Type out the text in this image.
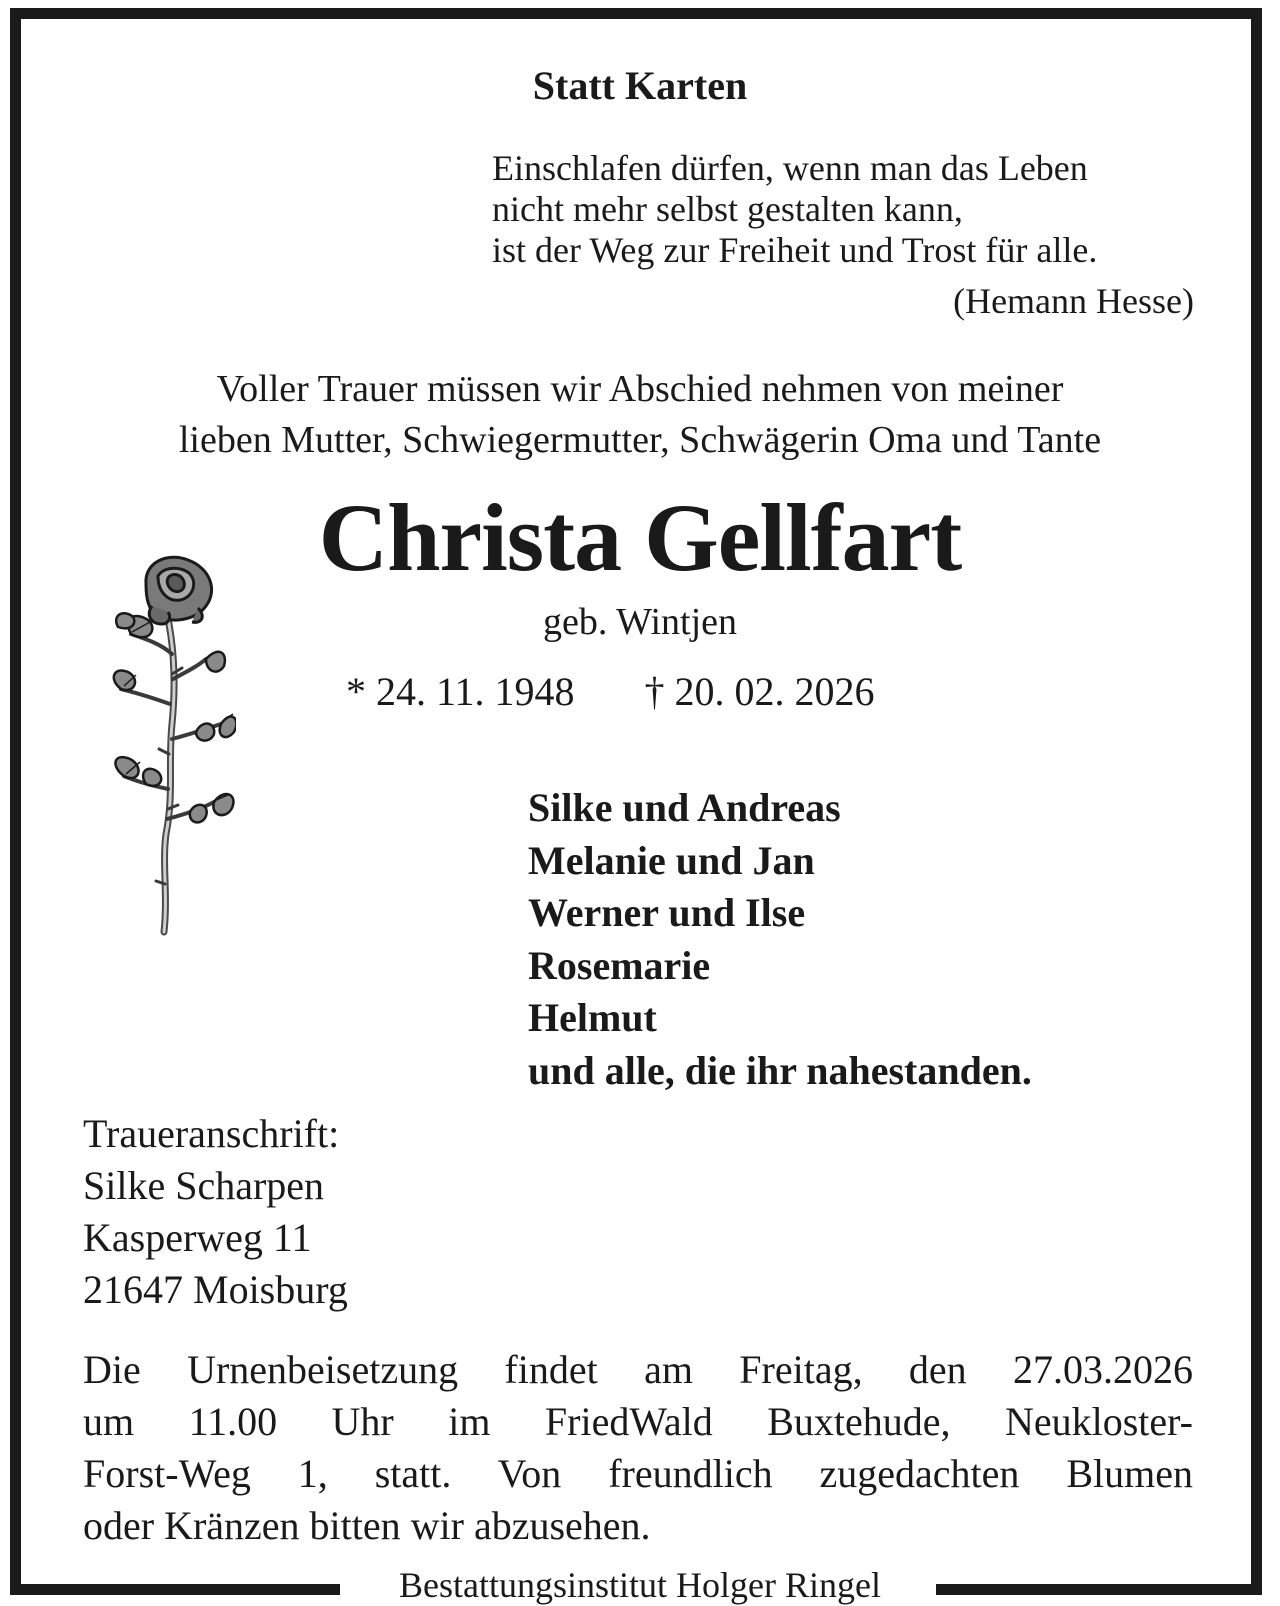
Statt Karten
Einschlafen dürfen, wenn man das Leben
nicht mehr selbst gestalten kann,
ist der Weg zur Freiheit und Trost für alle.
(Hemann Hesse)
Voller Trauer müssen wir Abschied nehmen von meiner
lieben Mutter, Schwiegermutter, Schwägerin Oma und Tante
Christa Gellfart
geb. Wintjen
* 24. 11. 1948 † 20. 02. 2026
Silke und Andreas
Melanie und Jan
Werner und Ilse
Rosemarie
Helmut
und alle, die ihr nahestanden.
Traueranschrift:
Silke Scharpen
Kasperweg 11
21647 Moisburg
Die Urnenbeisetzung findet am Freitag, den 27.03.2026
um 11.00 Uhr im FriedWald Buxtehude, Neukloster-
Forst-Weg 1, statt. Von freundlich zugedachten Blumen
oder Kränzen bitten wir abzusehen.
Bestattungsinstitut Holger Ringel
